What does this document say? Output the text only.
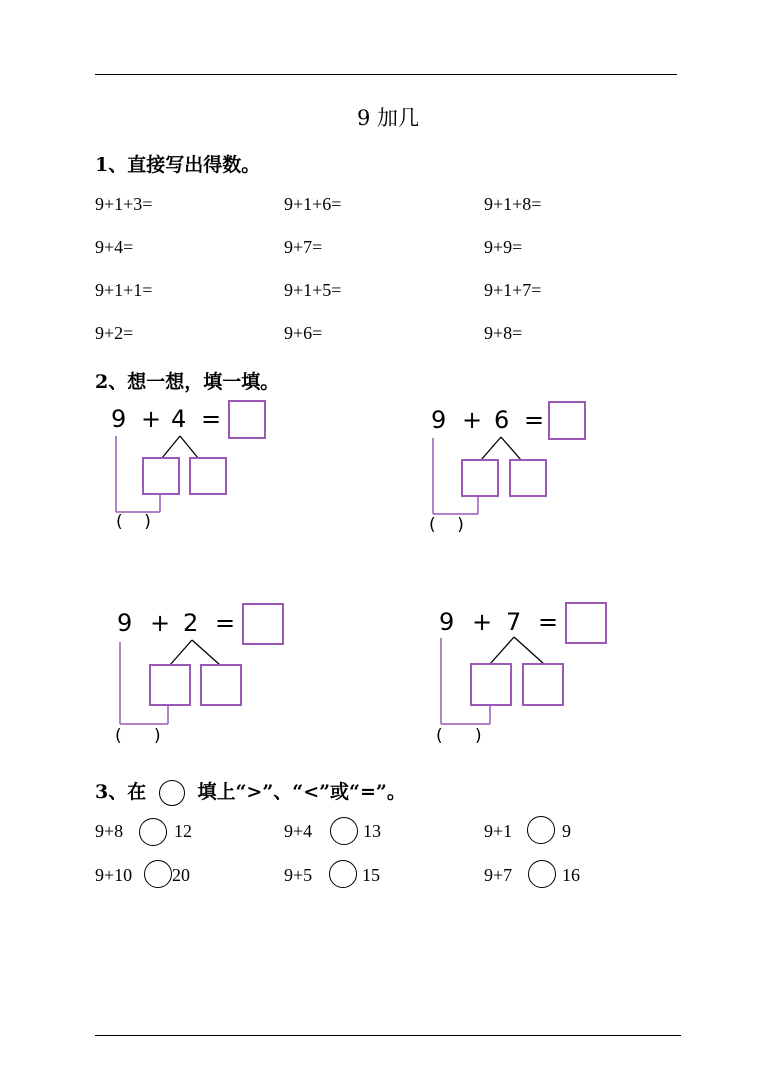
9 加几
1、直接写出得数。
9+1+3=	9+1+6=	9+1+8=
9+4=	9+7=	9+9=
9+1+1=	9+1+5=	9+1+7=
9+2=	9+6=	9+8=
2、想一想，填一填。
9 + 4 =
(    )
9 + 6 =
(    )
9 + 2 =
(      )
9 + 7 =
(      )
3、在	填上“>”、“<”或“=”。
9+8	12	9+4	13	9+1	9
9+10 20	9+5	15	9+7	16
